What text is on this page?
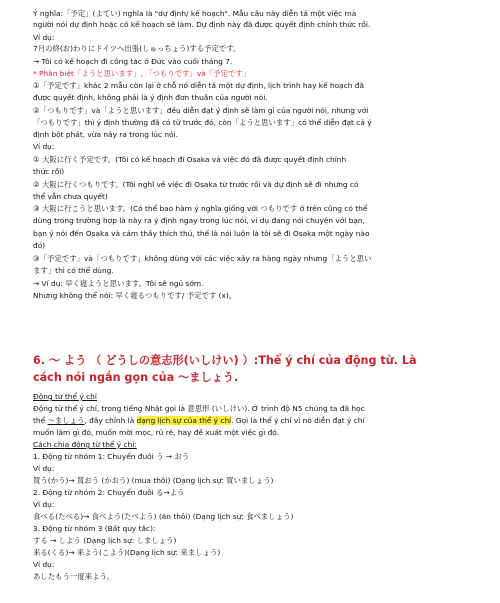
Ý nghĩa:「予定」(よてい) nghĩa là "dự định/ kế hoạch". Mẫu câu này diễn tả một việc mà
người nói dự định hoặc có kế hoạch sẽ làm. Dự định này đã được quyết định chính thức rồi.
Ví dụ:
7月の終(お)わりにドイツへ出張(しゅっちょう)する予定です。
→ Tôi có kế hoạch đi công tác ở Đức vào cuối tháng 7.
* Phân biệt「ようと思います」, 「つもりです」và「予定です」
①「予定です」khác 2 mẫu còn lại ở chỗ nó diễn tả một dự định, lịch trình hay kế hoạch đã
được quyết định, không phải là ý định đơn thuần của người nói.
②「つもりです」và「ようと思います」đều diễn đạt ý định sẽ làm gì của người nói, nhưng với
「つもりです」thì ý định thường đã có từ trước đó, còn「ようと思います」có thể diễn đạt cả ý
định bột phát, vừa nảy ra trong lúc nói.
Ví dụ:
① 大阪に行く予定です。(Tôi có kế hoạch đi Osaka và việc đó đã được quyết định chính
thức rồi)
② 大阪に行くつもりです。(Tôi nghĩ về việc đi Osaka từ trước rồi và dự định sẽ đi nhưng có
thể vẫn chưa quyết)
③ 大阪に行こうと思います。(Có thể bao hàm ý nghĩa giống với つもりです ở trên cũng có thể
dùng trong trường hợp là này ra ý định ngay trong lúc nói, ví dụ đang nói chuyện với bạn,
bạn ý nói đến Osaka và cảm thấy thích thú, thế là nói luôn là tôi sẽ đi Osaka một ngày nào
đó)
③「予定です」và「つもりです」không dùng với các việc xảy ra hàng ngày nhưng「ようと思い
ます」thì có thể dùng.
→ Ví dụ: 早く寝ようと思います。Tôi sẽ ngủ sớm.
Nhưng không thể nói: 早く寝るつもりです/ 予定です (x)。
6. ～ よう （ どうしの意志形(いしけい) ）:Thể ý chí của động từ. Là
cách nói ngắn gọn của ～ましょう.
Động từ thể ý chí
Động từ thể ý chí, trong tiếng Nhật gọi là 意思形 (いしけい). Ở trình độ N5 chúng ta đã học
thể ～ましょう, đây chính là dạng lịch sự của thể ý chí. Gọi là thể ý chí vì nó diễn đạt ý chí
muốn làm gì đó, muốn mời mọc, rủ rê, hay đề xuất một việc gì đó.
Cách chia động từ thể ý chí:
1. Động từ nhóm 1: Chuyển đuôi う → おう
Ví dụ:
買う(かう)→ 買おう (かおう) (mua thôi) (Dạng lịch sự: 買いましょう)
2. Động từ nhóm 2: Chuyển đuôi る→よう
Ví dụ:
食べる(たべる)→ 食べよう(たべよう) (ăn thôi) (Dạng lịch sự: 食べましょう)
3. Động từ nhóm 3 (Bất quy tắc):
する → しよう (Dạng lịch sự: しましょう)
来る(くる)→ 来よう(こよう)(Dạng lịch sự: 来ましょう)
Ví dụ:
あしたもう一度来よう。
